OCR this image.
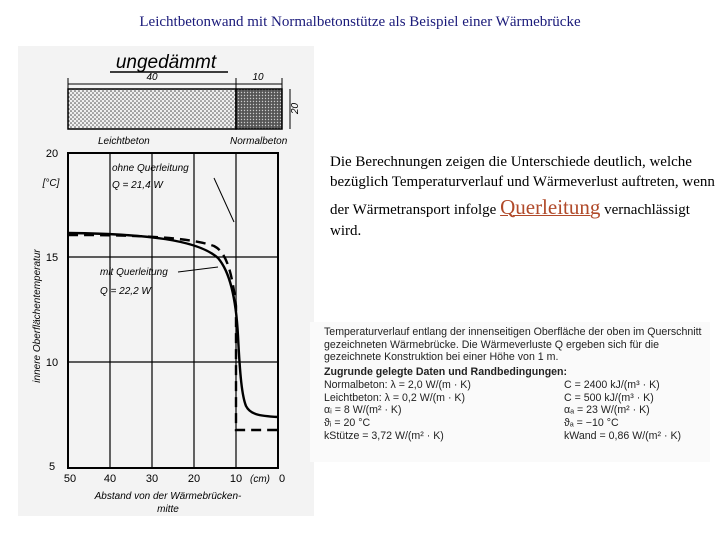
Leichtbetonwand mit Normalbetonstütze als Beispiel einer Wärmebrücke
ungedämmt
40	10
20
Leichtbeton	Normalbeton
ohne Querleitung
Q = 21,4 W
mit Querleitung
Q = 22,2 W
20
15
10
5
[°C]
innere Oberflächentemperatur
50	40	30	20	10 (cm) 0
Abstand von der Wärmebrücken-
mitte

Die Berechnungen zeigen die Unterschiede deutlich, welche bezüglich Temperaturverlauf und Wärmeverlust auftreten, wenn der Wärmetransport infolge Querleitung vernachlässigt wird.

Temperaturverlauf entlang der innenseitigen Oberfläche der oben im Querschnitt gezeichneten Wärmebrücke. Die Wärmeverluste Q ergeben sich für die gezeichnete Konstruktion bei einer Höhe von 1 m.
Zugrunde gelegte Daten und Randbedingungen:
Normalbeton: λ = 2,0 W/(m · K)	C = 2400 kJ/(m³ · K)
Leichtbeton: λ = 0,2 W/(m · K)	C = 500 kJ/(m³ · K)
αᵢ = 8 W/(m² · K)	αₐ = 23 W/(m² · K)
ϑᵢ = 20 °C	ϑₐ = −10 °C
kStütze = 3,72 W/(m² · K)	kWand = 0,86 W/(m² · K)
